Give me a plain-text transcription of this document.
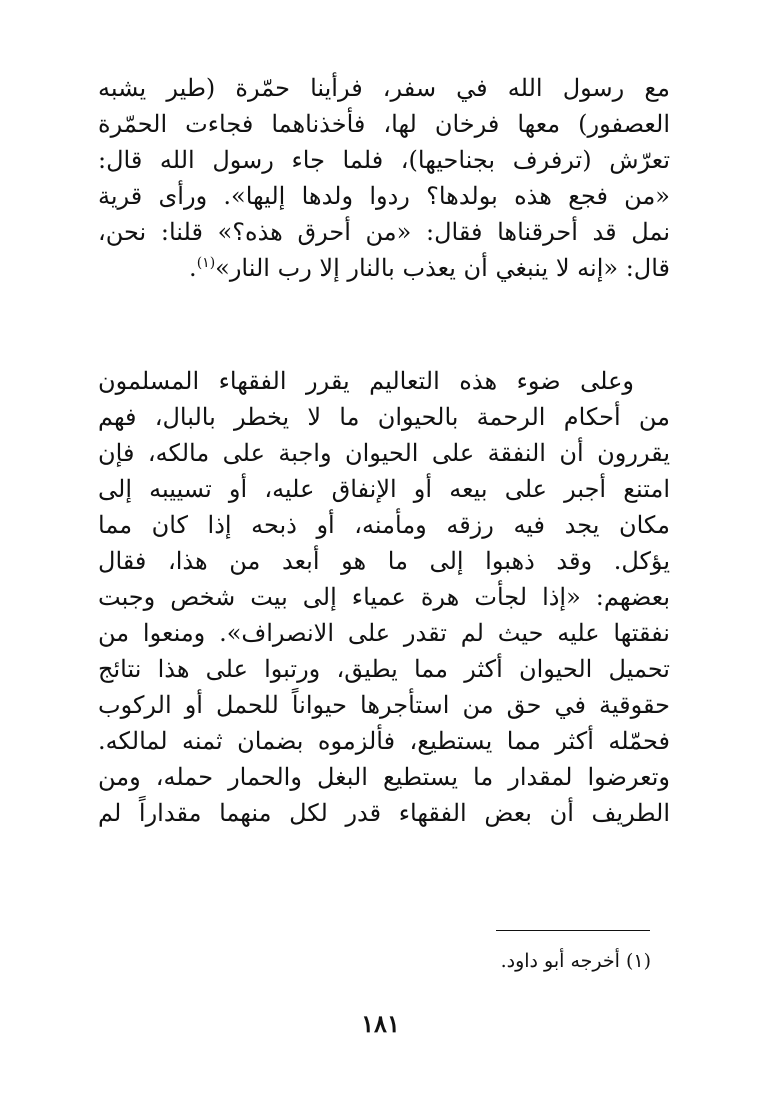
مع رسول الله في سفر، فرأينا حمّرة (طير يشبه
العصفور) معها فرخان لها، فأخذناهما فجاءت الحمّرة
تعرّش (ترفرف بجناحيها)، فلما جاء رسول الله قال:
«من فجع هذه بولدها؟ ردوا ولدها إليها». ورأى قرية
نمل قد أحرقناها فقال: «من أحرق هذه؟» قلنا: نحن،
قال: «إنه لا ينبغي أن يعذب بالنار إلا رب النار»$^{(١)}$.
وعلى ضوء هذه التعاليم يقرر الفقهاء المسلمون
من أحكام الرحمة بالحيوان ما لا يخطر بالبال، فهم
يقررون أن النفقة على الحيوان واجبة على مالكه، فإن
امتنع أجبر على بيعه أو الإنفاق عليه، أو تسييبه إلى
مكان يجد فيه رزقه ومأمنه، أو ذبحه إذا كان مما
يؤكل. وقد ذهبوا إلى ما هو أبعد من هذا، فقال
بعضهم: «إذا لجأت هرة عمياء إلى بيت شخص وجبت
نفقتها عليه حيث لم تقدر على الانصراف». ومنعوا من
تحميل الحيوان أكثر مما يطيق، ورتبوا على هذا نتائج
حقوقية في حق من استأجرها حيواناً للحمل أو الركوب
فحمّله أكثر مما يستطيع، فألزموه بضمان ثمنه لمالكه.
وتعرضوا لمقدار ما يستطيع البغل والحمار حمله، ومن
الطريف أن بعض الفقهاء قدر لكل منهما مقداراً لم
(١) أخرجه أبو داود.
١٨١
